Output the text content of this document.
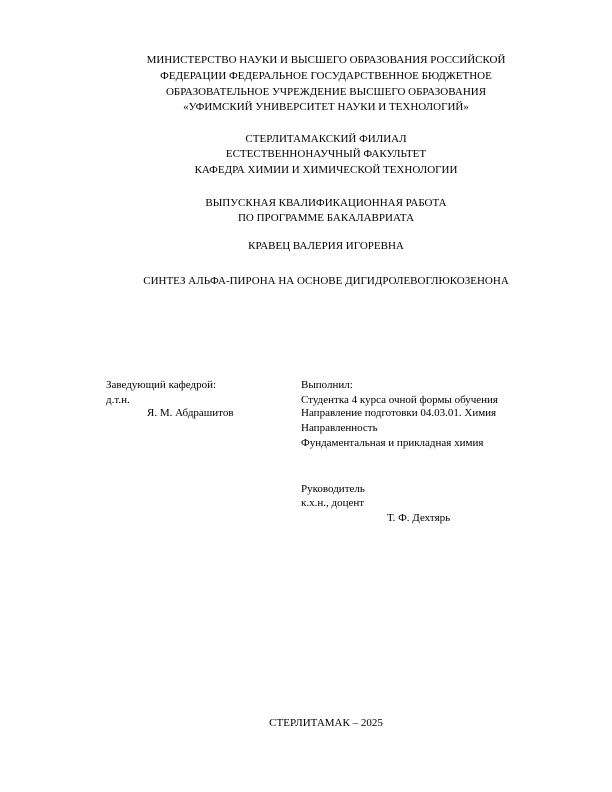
МИНИСТЕРСТВО НАУКИ И ВЫСШЕГО ОБРАЗОВАНИЯ РОССИЙСКОЙ

ФЕДЕРАЦИИ ФЕДЕРАЛЬНОЕ ГОСУДАРСТВЕННОЕ БЮДЖЕТНОЕ

ОБРАЗОВАТЕЛЬНОЕ УЧРЕЖДЕНИЕ ВЫСШЕГО ОБРАЗОВАНИЯ

«УФИМСКИЙ УНИВЕРСИТЕТ НАУКИ И ТЕХНОЛОГИЙ»

СТЕРЛИТАМАКСКИЙ ФИЛИАЛ

ЕСТЕСТВЕННОНАУЧНЫЙ ФАКУЛЬТЕТ

КАФЕДРА ХИМИИ И ХИМИЧЕСКОЙ ТЕХНОЛОГИИ

ВЫПУСКНАЯ КВАЛИФИКАЦИОННАЯ РАБОТА

ПО ПРОГРАММЕ БАКАЛАВРИАТА

КРАВЕЦ ВАЛЕРИЯ ИГОРЕВНА

СИНТЕЗ АЛЬФА-ПИРОНА НА ОСНОВЕ ДИГИДРОЛЕВОГЛЮКОЗЕНОНА

Заведующий кафедрой:

д.т.н.

Я. М. Абдрашитов

Выполнил:

Студентка 4 курса очной формы обучения

Направление подготовки 04.03.01. Химия

Направленность

Фундаментальная и прикладная химия

Руководитель

к.х.н., доцент

Т. Ф. Дехтярь

СТЕРЛИТАМАК – 2025
